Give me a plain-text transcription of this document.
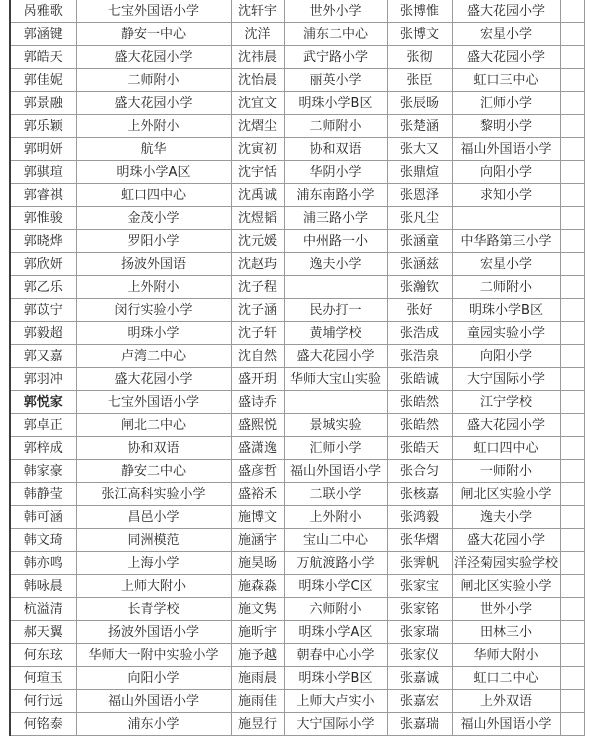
呙雅歌	七宝外国语小学	沈轩宇	世外小学	张博惟	盛大花园小学	
郭涵键	静安一中心	沈洋	浦东二中心	张博文	宏星小学	
郭皓天	盛大花园小学	沈祎晨	武宁路小学	张彻	盛大花园小学	
郭佳妮	二师附小	沈怡晨	丽英小学	张臣	虹口三中心	
郭景融	盛大花园小学	沈宜文	明珠小学B区	张辰旸	汇师小学	
郭乐颖	上外附小	沈熠尘	二师附小	张楚涵	黎明小学	
郭明妍	航华	沈寅初	协和双语	张大又	福山外国语小学	
郭骐瑄	明珠小学A区	沈宇恬	华阴小学	张鼎煊	向阳小学	
郭睿祺	虹口四中心	沈禹诚	浦东南路小学	张恩泽	求知小学	
郭惟骏	金茂小学	沈煜韬	浦三路小学	张凡尘		
郭晓烨	罗阳小学	沈元媛	中州路一小	张涵童	中华路第三小学	
郭欣妍	扬波外国语	沈赵玙	逸夫小学	张涵兹	宏星小学	
郭乙乐	上外附小	沈子程		张瀚钦	二师附小	
郭苡宁	闵行实验小学	沈子涵	民办打一	张好	明珠小学B区	
郭毅超	明珠小学	沈子轩	黄埔学校	张浩成	童园实验小学	
郭又嘉	卢湾二中心	沈自然	盛大花园小学	张浩泉	向阳小学	
郭羽冲	盛大花园小学	盛开玥	华师大宝山实验	张皓诚	大宁国际小学	
郭悦家	七宝外国语小学	盛诗乔		张皓然	江宁学校	
郭卓正	闸北二中心	盛熙悦	景城实验	张皓然	盛大花园小学	
郭梓成	协和双语	盛潇逸	汇师小学	张皓天	虹口四中心	
韩家豪	静安二中心	盛彦哲	福山外国语小学	张合匀	一师附小	
韩静莹	张江高科实验小学	盛裕禾	二联小学	张核嘉	闸北区实验小学	
韩可涵	昌邑小学	施博文	上外附小	张鸿毅	逸夫小学	
韩文琦	同洲模范	施涵宇	宝山二中心	张华熠	盛大花园小学	
韩亦鸣	上海小学	施昊旸	万航渡路小学	张霁帆	洋泾菊园实验学校	
韩咏晨	上师大附小	施森淼	明珠小学C区	张家宝	闸北区实验小学	
杭溢清	长青学校	施文隽	六师附小	张家铭	世外小学	
郝天翼	扬波外国语小学	施昕宇	明珠小学A区	张家瑞	田林三小	
何东玹	华师大一附中实验小学	施予越	朝春中心小学	张家仪	华师大附小	
何瑄玉	向阳小学	施雨晨	明珠小学B区	张嘉诚	虹口二中心	
何行远	福山外国语小学	施雨佳	上师大卢实小	张嘉宏	上外双语	
何铭泰	浦东小学	施昱行	大宁国际小学	张嘉瑞	福山外国语小学	
